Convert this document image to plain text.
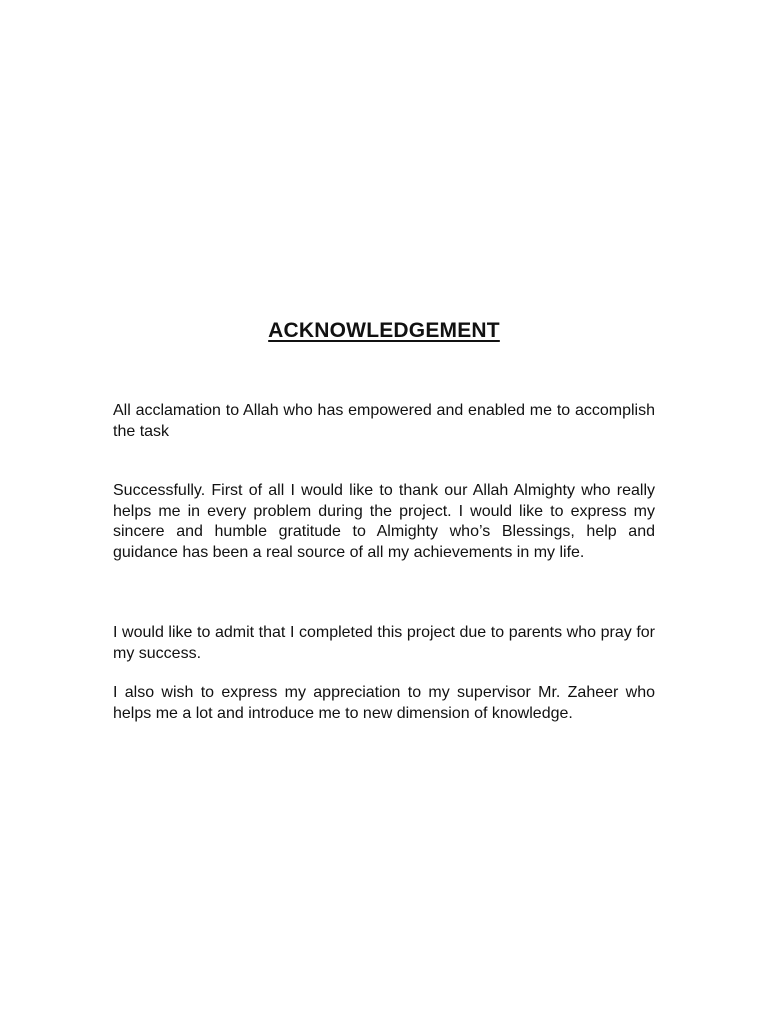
ACKNOWLEDGEMENT

All acclamation to Allah who has empowered and enabled me to accomplish the task

Successfully. First of all I would like to thank our Allah Almighty who really helps me in every problem during the project. I would like to express my sincere and humble gratitude to Almighty who’s Blessings, help and guidance has been a real source of all my achievements in my life.

I would like to admit that I completed this project due to parents who pray for my success.

I also wish to express my appreciation to my supervisor Mr. Zaheer who helps me a lot and introduce me to new dimension of knowledge.
